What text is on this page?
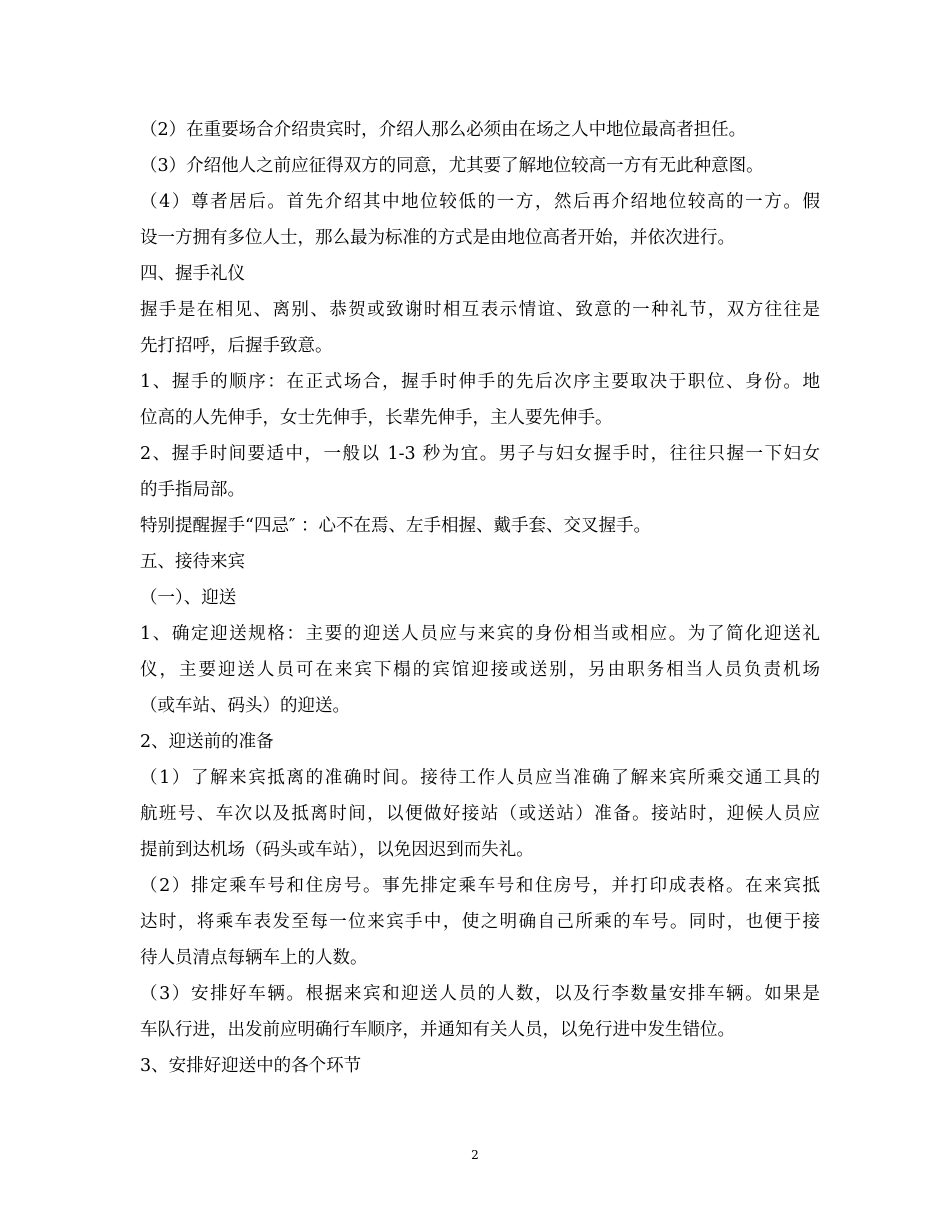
（2）在重要场合介绍贵宾时，介绍人那么必须由在场之人中地位最高者担任。
（3）介绍他人之前应征得双方的同意，尤其要了解地位较高一方有无此种意图。
（4）尊者居后。首先介绍其中地位较低的一方，然后再介绍地位较高的一方。假
设一方拥有多位人士，那么最为标准的方式是由地位高者开始，并依次进行。
四、握手礼仪
握手是在相见、离别、恭贺或致谢时相互表示情谊、致意的一种礼节，双方往往是
先打招呼，后握手致意。
1、握手的顺序：在正式场合，握手时伸手的先后次序主要取决于职位、身份。地
位高的人先伸手，女士先伸手，长辈先伸手，主人要先伸手。
2、握手时间要适中，一般以 1-3 秒为宜。男子与妇女握手时，往往只握一下妇女
的手指局部。
特别提醒握手“四忌″ ：心不在焉、左手相握、戴手套、交叉握手。
五、接待来宾
（一）、迎送
1、确定迎送规格：主要的迎送人员应与来宾的身份相当或相应。为了简化迎送礼
仪，主要迎送人员可在来宾下榻的宾馆迎接或送别，另由职务相当人员负责机场
（或车站、码头）的迎送。
2、迎送前的准备
（1）了解来宾抵离的准确时间。接待工作人员应当准确了解来宾所乘交通工具的
航班号、车次以及抵离时间，以便做好接站（或送站）准备。接站时，迎候人员应
提前到达机场（码头或车站），以免因迟到而失礼。
（2）排定乘车号和住房号。事先排定乘车号和住房号，并打印成表格。在来宾抵
达时，将乘车表发至每一位来宾手中，使之明确自己所乘的车号。同时，也便于接
待人员清点每辆车上的人数。
（3）安排好车辆。根据来宾和迎送人员的人数，以及行李数量安排车辆。如果是
车队行进，出发前应明确行车顺序，并通知有关人员，以免行进中发生错位。
3、安排好迎送中的各个环节
2
